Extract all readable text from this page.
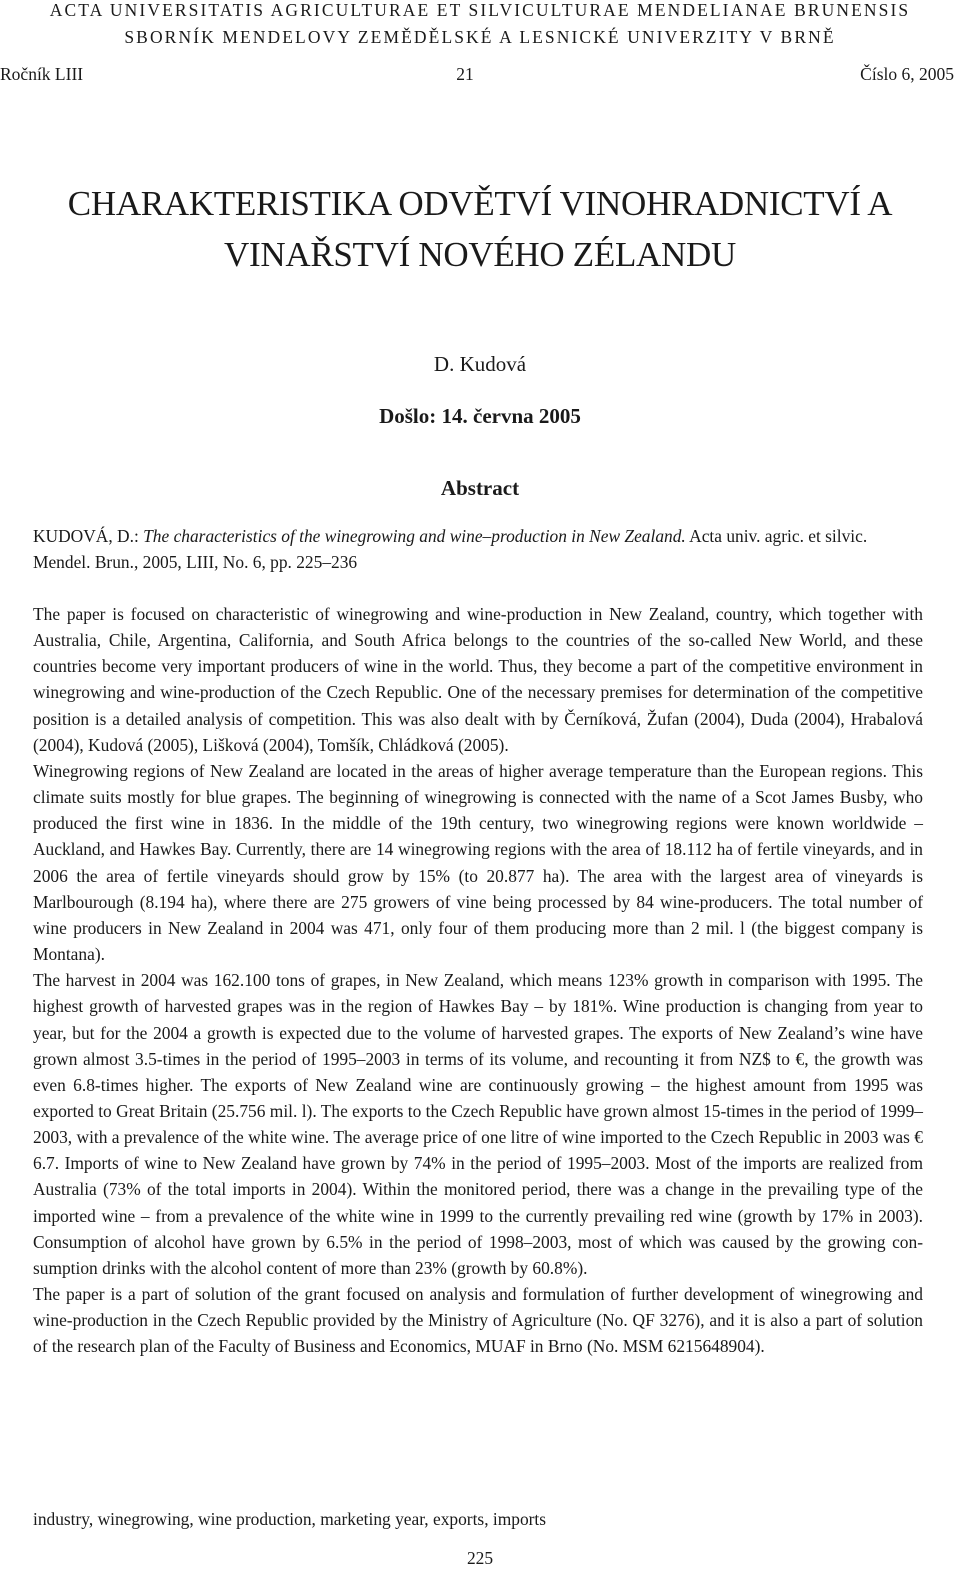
ACTA UNIVERSITATIS AGRICULTURAE ET SILVICULTURAE MENDELIANAE BRUNENSIS
SBORNÍK MENDELOVY ZEMĚDĚLSKÉ A LESNICKÉ UNIVERZITY V BRNĚ
Ročník LIII	21	Číslo 6, 2005
CHARAKTERISTIKA ODVĚTVÍ VINOHRADNICTVÍ A
VINAŘSTVÍ NOVÉHO ZÉLANDU
D. Kudová
Došlo: 14. června 2005
Abstract
KUDOVÁ, D.: The characteristics of the winegrowing and wine–production in New Zealand. Acta univ. agric. et silvic. Mendel. Brun., 2005, LIII, No. 6, pp. 225–236

The paper is focused on characteristic of winegrowing and wine-production in New Zealand, country, which together with Australia, Chile, Argentina, California, and South Africa belongs to the countries of the so-called New World, and these countries become very important producers of wine in the world. Thus, they become a part of the competitive environment in winegrowing and wine-production of the Czech Republic. One of the necessary premises for determination of the competitive position is a detailed analysis of competition. This was also dealt with by Černíková, Žufan (2004), Duda (2004), Hrabalová (2004), Kudová (2005), Lišková (2004), Tomšík, Chládková (2005).

Winegrowing regions of New Zealand are located in the areas of higher average temperature than the European regions. This climate suits mostly for blue grapes. The beginning of winegrowing is connected with the name of a Scot James Busby, who produced the first wine in 1836. In the middle of the 19th century, two winegrowing regions were known worldwide – Auckland, and Hawkes Bay. Currently, there are 14 winegrowing regions with the area of 18.112 ha of fertile vineyards, and in 2006 the area of fertile vineyards should grow by 15% (to 20.877 ha). The area with the largest area of vineyards is Marlbourough (8.194 ha), where there are 275 growers of vine being processed by 84 wine-producers. The total number of wine producers in New Zealand in 2004 was 471, only four of them producing more than 2 mil. l (the biggest company is Montana).

The harvest in 2004 was 162.100 tons of grapes, in New Zealand, which means 123% growth in comparison with 1995. The highest growth of harvested grapes was in the region of Hawkes Bay – by 181%. Wine production is changing from year to year, but for the 2004 a growth is expected due to the volume of harvested grapes. The exports of New Zealand’s wine have grown almost 3.5-times in the period of 1995–2003 in terms of its volume, and recounting it from NZ$ to €, the growth was even 6.8-times higher. The exports of New Zealand wine are continuously growing – the highest amount from 1995 was exported to Great Britain (25.756 mil. l). The exports to the Czech Republic have grown almost 15-times in the period of 1999–2003, with a prevalence of the white wine. The average price of one litre of wine imported to the Czech Republic in 2003 was € 6.7. Imports of wine to New Zealand have grown by 74% in the period of 1995–2003. Most of the imports are realized from Australia (73% of the total imports in 2004). Within the monitored period, there was a change in the prevailing type of the imported wine – from a prevalence of the white wine in 1999 to the currently prevailing red wine (growth by 17% in 2003). Consumption of alcohol have grown by 6.5% in the period of 1998–2003, most of which was caused by the growing consumption drinks with the alcohol content of more than 23% (growth by 60.8%).

The paper is a part of solution of the grant focused on analysis and formulation of further development of winegrowing and wine-production in the Czech Republic provided by the Ministry of Agriculture (No. QF 3276), and it is also a part of solution of the research plan of the Faculty of Business and Economics, MUAF in Brno (No. MSM 6215648904).

industry, winegrowing, wine production, marketing year, exports, imports
225
